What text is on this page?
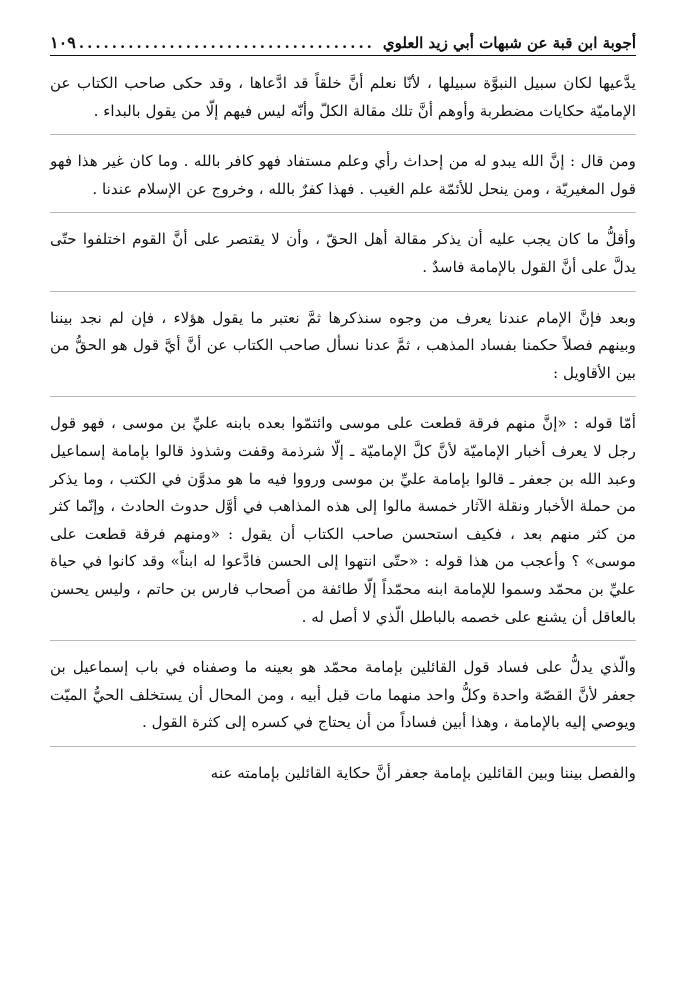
أجوبة ابن قبة عن شبهات أبي زيد العلوي
.....
١٠٩

يدَّعيها لكان سبيل النبوَّة سبيلها ، لأنّا نعلم أنَّ خلقاً قد ادَّعاها ، وقد حكى صاحب الكتاب عن الإماميّة حكايات مضطربة وأوهم أنَّ تلك مقالة الكلّ وأنّه ليس فيهم إلّا من يقول بالبداء .

ومن قال : إنَّ الله يبدو له من إحداث رأي وعلم مستفاد فهو كافر بالله . وما كان غير هذا فهو قول المغيريّة ، ومن ينحل للأئمّة علم الغيب . فهذا كفرٌ بالله ، وخروج عن الإسلام عندنا .

وأقلُّ ما كان يجب عليه أن يذكر مقالة أهل الحقّ ، وأن لا يقتصر على أنَّ القوم اختلفوا حتّى يدلَّ على أنَّ القول بالإمامة فاسدٌ .

وبعد فإنَّ الإمام عندنا يعرف من وجوه سنذكرها ثمَّ نعتبر ما يقول هؤلاء ، فإن لم نجد بيننا وبينهم فصلاً حكمنا بفساد المذهب ، ثمَّ عدنا نسأل صاحب الكتاب عن أنَّ أيَّ قول هو الحقُّ من بين الأقاويل :

أمّا قوله : «إنَّ منهم فرقة قطعت على موسى وائتمّوا بعده بابنه عليِّ بن موسى ، فهو قول رجل لا يعرف أخبار الإماميّة لأنَّ كلَّ الإماميّة ـ إلّا شرذمة وقفت وشذوذ قالوا بإمامة إسماعيل وعبد الله بن جعفر ـ قالوا بإمامة عليِّ بن موسى ورووا فيه ما هو مدوَّن في الكتب ، وما يذكر من حملة الأخبار ونقلة الآثار خمسة مالوا إلى هذه المذاهب في أوَّل حدوث الحادث ، وإنّما كثر من كثر منهم بعد ، فكيف استحسن صاحب الكتاب أن يقول : «ومنهم فرقة قطعت على موسى» ؟ وأعجب من هذا قوله : «حتّى انتهوا إلى الحسن فادَّعوا له ابناً» وقد كانوا في حياة عليِّ بن محمّد وسموا للإمامة ابنه محمّداً إلّا طائفة من أصحاب فارس بن حاتم ، وليس يحسن بالعاقل أن يشنع على خصمه بالباطل الّذي لا أصل له .

والّذي يدلُّ على فساد قول القائلين بإمامة محمّد هو بعينه ما وصفناه في باب إسماعيل بن جعفر لأنَّ القصّة واحدة وكلُّ واحد منهما مات قبل أبيه ، ومن المحال أن يستخلف الحيُّ الميّت ويوصي إليه بالإمامة ، وهذا أبين فساداً من أن يحتاج في كسره إلى كثرة القول .

والفصل بيننا وبين القائلين بإمامة جعفر أنَّ حكاية القائلين بإمامته عنه
